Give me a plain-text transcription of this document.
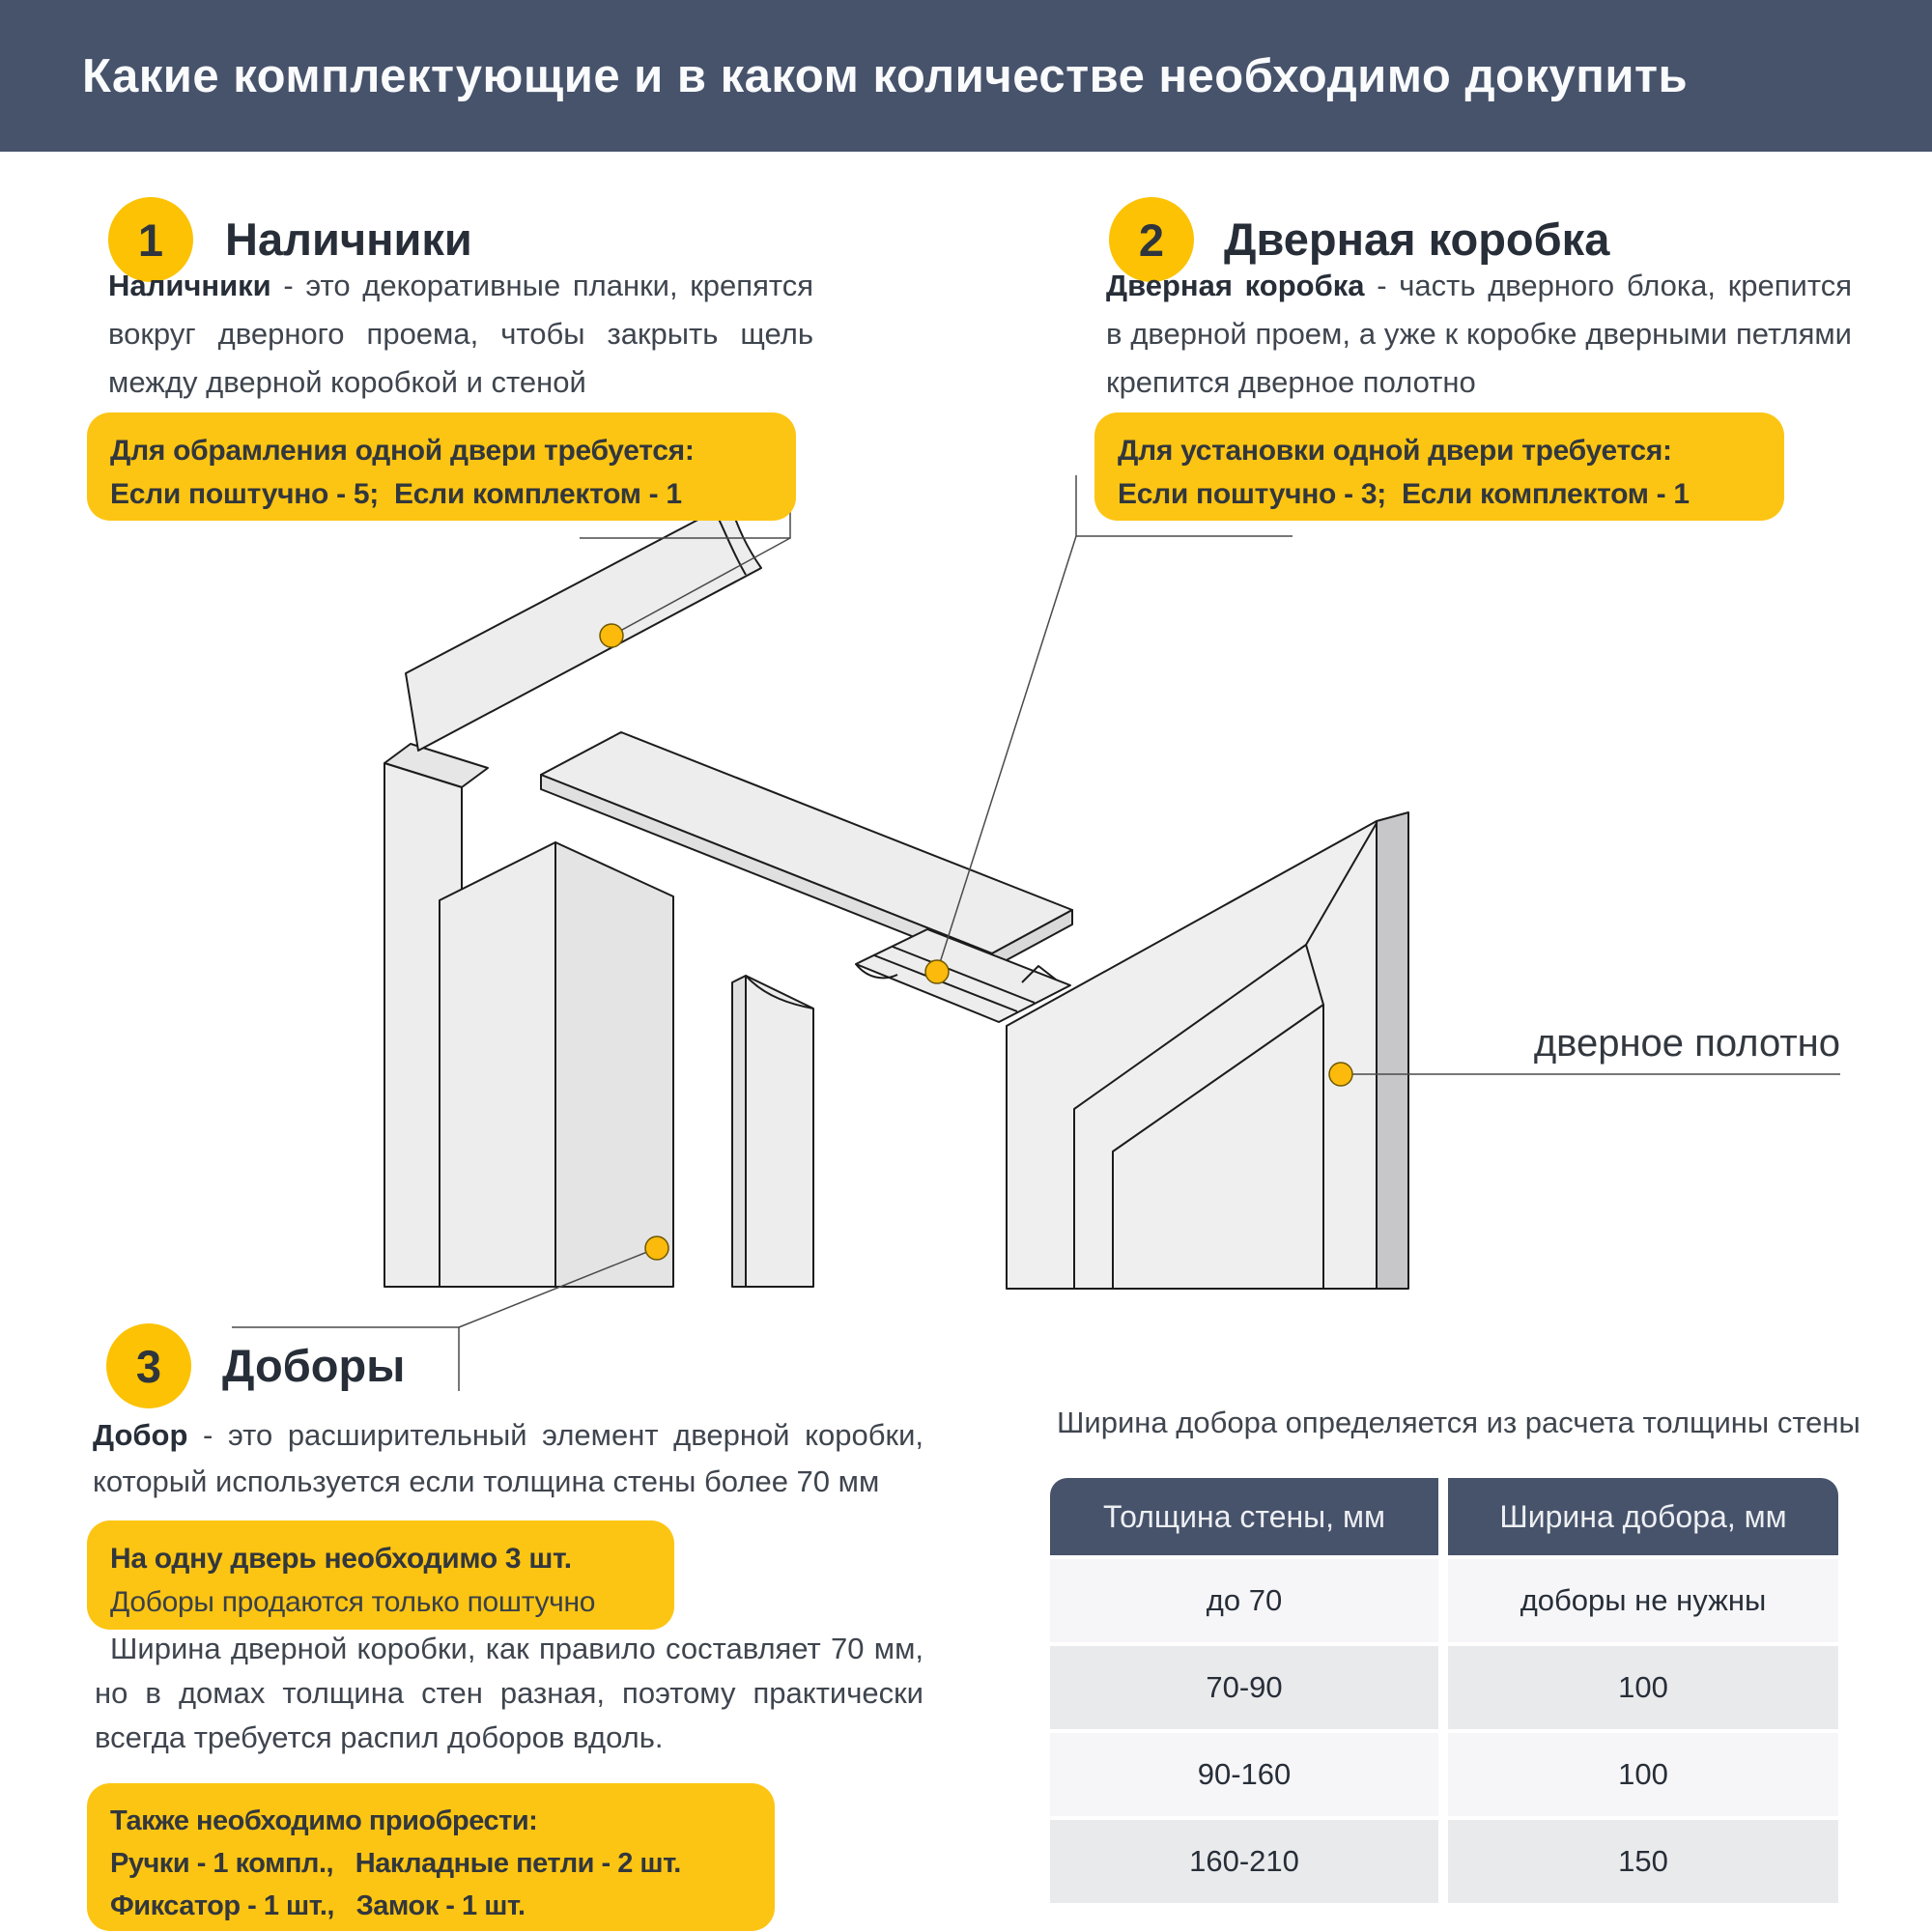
Какие комплектующие и в каком количестве необходимо докупить
1 Наличники

Наличники - это декоративные планки, крепятся вокруг дверного проема, чтобы закрыть щель между дверной коробкой и стеной

Для обрамления одной двери требуется:
Если поштучно - 5;  Если комплектом - 1
2 Дверная коробка

Дверная коробка - часть дверного блока, крепится в дверной проем, а уже к коробке дверными петлями крепится дверное полотно

Для установки одной двери требуется:
Если поштучно - 3;  Если комплектом - 1
дверное полотно
3 Доборы

Добор - это расширительный элемент дверной коробки, который используется если толщина стены более 70 мм

На одну дверь необходимо 3 шт.
Доборы продаются только поштучно

Ширина дверной коробки, как правило составляет 70 мм, но в домах толщина стен разная, поэтому практически всегда требуется распил доборов вдоль.

Также необходимо приобрести:
Ручки - 1 компл.,   Накладные петли - 2 шт.
Фиксатор - 1 шт.,   Замок - 1 шт.
Ширина добора определяется из расчета толщины стены
Толщина стены, мм	Ширина добора, мм
до 70	доборы не нужны
70-90	100
90-160	100
160-210	150
